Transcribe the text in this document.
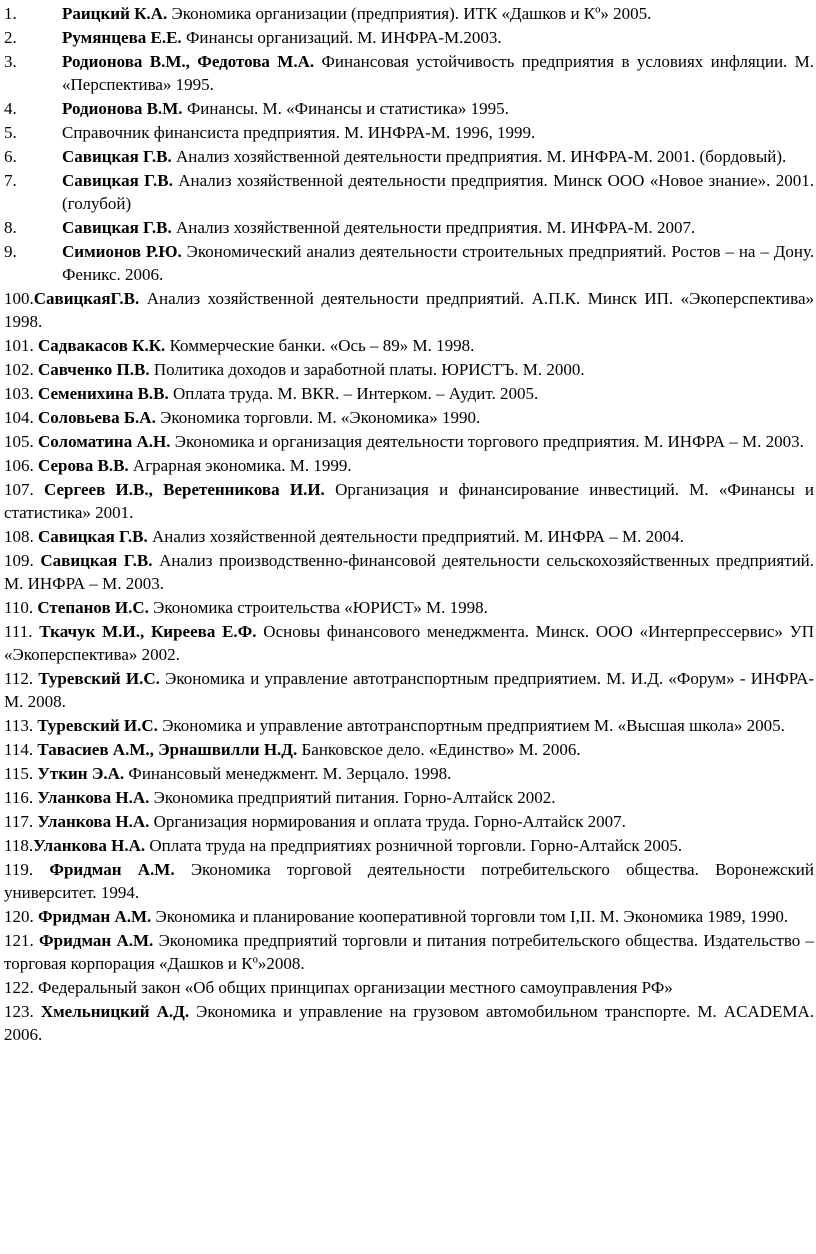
1.	Раицкий К.А. Экономика организации (предприятия). ИТК «Дашков и Кº» 2005.
2.	Румянцева Е.Е. Финансы организаций. М. ИНФРА-М.2003.
3.	Родионова В.М., Федотова М.А. Финансовая устойчивость предприятия в условиях инфляции. М. «Перспектива» 1995.
4.	Родионова В.М. Финансы. М. «Финансы и статистика» 1995.
5.	Справочник финансиста предприятия. М. ИНФРА-М. 1996, 1999.
6.	Савицкая Г.В. Анализ хозяйственной деятельности предприятия. М. ИНФРА-М. 2001. (бордовый).
7.	Савицкая Г.В. Анализ хозяйственной деятельности предприятия. Минск ООО «Новое знание». 2001. (голубой)
8.	Савицкая Г.В. Анализ хозяйственной деятельности предприятия. М. ИНФРА-М. 2007.
9.	Симионов Р.Ю. Экономический анализ деятельности строительных предприятий. Ростов – на – Дону. Феникс. 2006.

100.СавицкаяГ.В. Анализ хозяйственной деятельности предприятий. А.П.К. Минск ИП. «Экоперспектива» 1998.

101. Садвакасов К.К. Коммерческие банки. «Ось – 89» М. 1998.

102. Савченко П.В. Политика доходов и заработной платы. ЮРИСТЪ. М. 2000.

103. Семенихина В.В. Оплата труда. М. ВКR. – Интерком. – Аудит. 2005.

104. Соловьева Б.А. Экономика торговли. М. «Экономика» 1990.

105. Соломатина А.Н. Экономика и организация деятельности торгового предприятия. М. ИНФРА – М. 2003.

106. Серова В.В. Аграрная экономика. М. 1999.

107. Сергеев И.В., Веретенникова И.И. Организация и финансирование инвестиций. М. «Финансы и статистика» 2001.

108. Савицкая Г.В. Анализ хозяйственной деятельности предприятий. М. ИНФРА – М. 2004.

109. Савицкая Г.В. Анализ производственно-финансовой деятельности сельскохозяйственных предприятий. М. ИНФРА – М. 2003.

110. Степанов И.С. Экономика строительства «ЮРИСТ» М. 1998.

111. Ткачук М.И., Киреева Е.Ф. Основы финансового менеджмента. Минск. ООО «Интерпрессервис» УП «Экоперспектива» 2002.

112. Туревский И.С. Экономика и управление автотранспортным предприятием. М. И.Д. «Форум» - ИНФРА-М. 2008.

113. Туревский И.С. Экономика и управление автотранспортным предприятием М. «Высшая школа» 2005.

114. Тавасиев А.М., Эрнашвилли Н.Д. Банковское дело. «Единство» М. 2006.

115. Уткин Э.А. Финансовый менеджмент. М. Зерцало. 1998.

116. Уланкова Н.А. Экономика предприятий питания. Горно-Алтайск 2002.

117. Уланкова Н.А. Организация нормирования и оплата труда. Горно-Алтайск 2007.

118.Уланкова Н.А. Оплата труда на предприятиях розничной торговли. Горно-Алтайск 2005.

119. Фридман А.М. Экономика торговой деятельности потребительского общества. Воронежский университет. 1994.

120. Фридман А.М. Экономика и планирование кооперативной торговли том I,II. М. Экономика 1989, 1990.

121. Фридман А.М. Экономика предприятий торговли и питания потребительского общества. Издательство – торговая корпорация «Дашков и Кº»2008.

122. Федеральный закон «Об общих принципах организации местного самоуправления РФ»

123. Хмельницкий А.Д. Экономика и управление на грузовом автомобильном транспорте. М. ACADEMA. 2006.
